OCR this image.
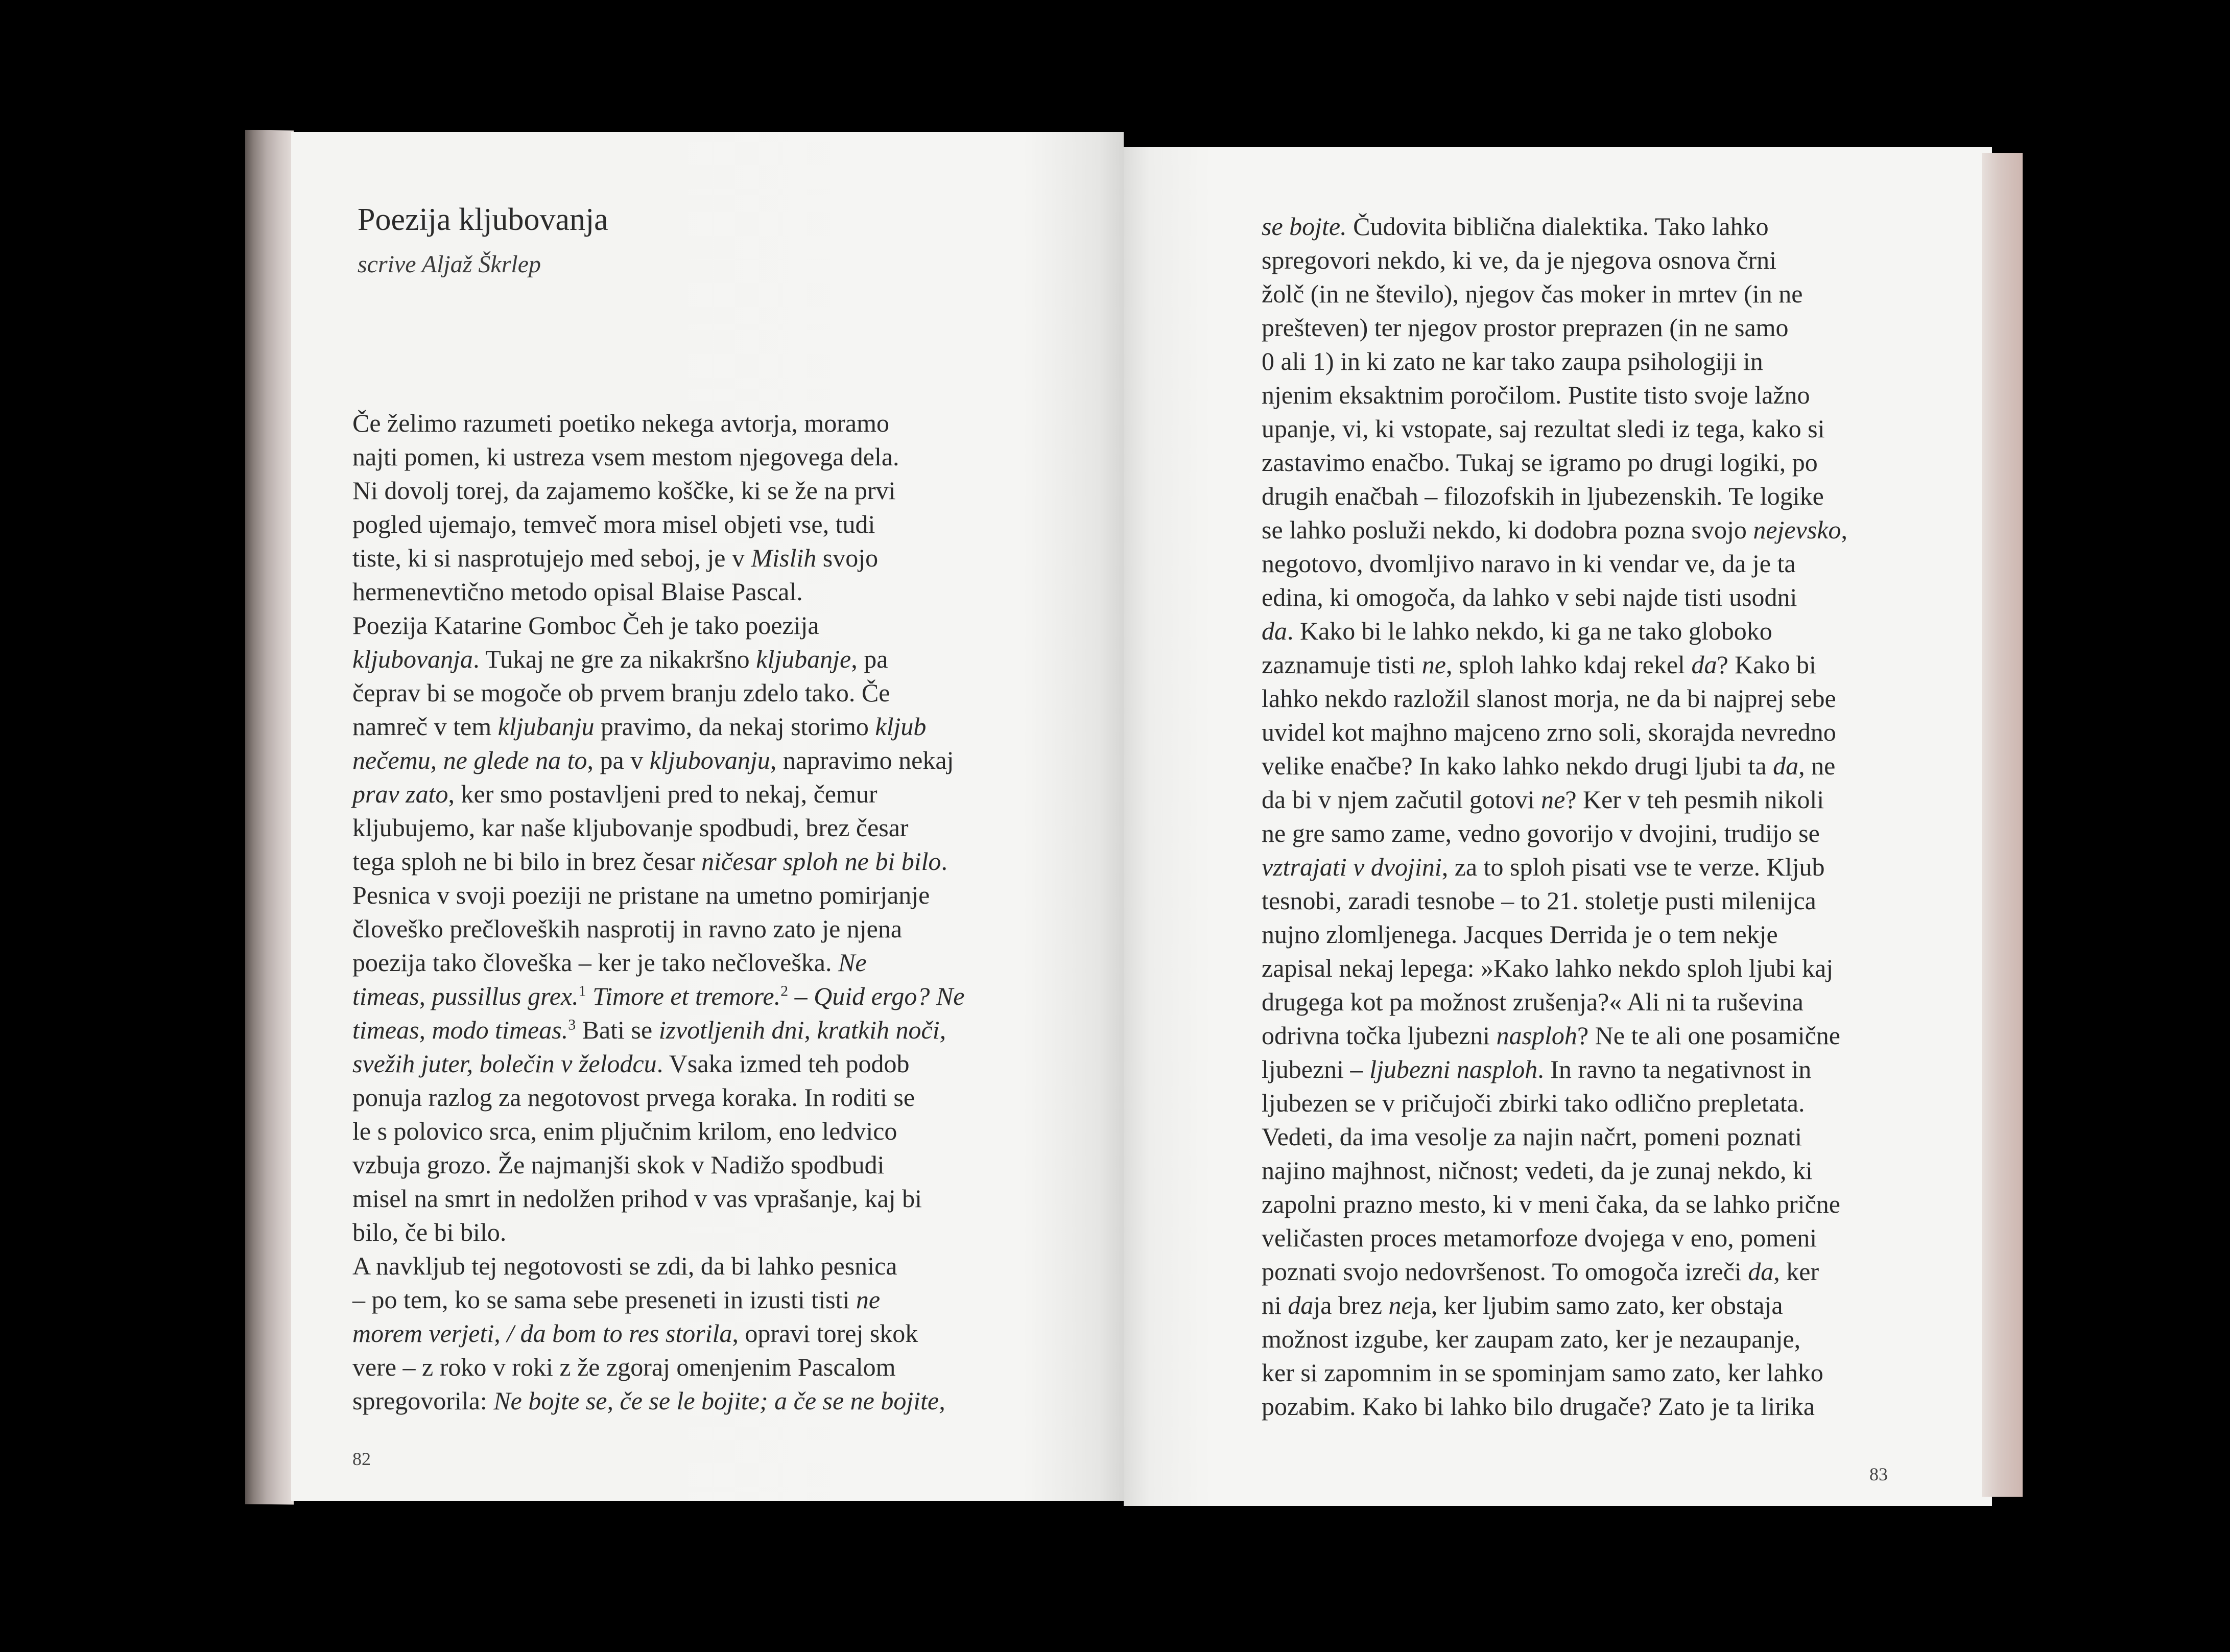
Poezija kljubovanja
scrive Aljaž Škrlep
Če želimo razumeti poetiko nekega avtorja, moramo
najti pomen, ki ustreza vsem mestom njegovega dela.
Ni dovolj torej, da zajamemo koščke, ki se že na prvi
pogled ujemajo, temveč mora misel objeti vse, tudi
tiste, ki si nasprotujejo med seboj, je v Mislih svojo
hermenevtično metodo opisal Blaise Pascal.
Poezija Katarine Gomboc Čeh je tako poezija
kljubovanja. Tukaj ne gre za nikakršno kljubanje, pa
čeprav bi se mogoče ob prvem branju zdelo tako. Če
namreč v tem kljubanju pravimo, da nekaj storimo kljub
nečemu, ne glede na to, pa v kljubovanju, napravimo nekaj
prav zato, ker smo postavljeni pred to nekaj, čemur
kljubujemo, kar naše kljubovanje spodbudi, brez česar
tega sploh ne bi bilo in brez česar ničesar sploh ne bi bilo.
Pesnica v svoji poeziji ne pristane na umetno pomirjanje
človeško prečloveških nasprotij in ravno zato je njena
poezija tako človeška – ker je tako nečloveška. Ne
timeas, pussillus grex.$^1$ Timore et tremore.$^2$ – Quid ergo? Ne
timeas, modo timeas.$^3$ Bati se izvotljenih dni, kratkih noči,
svežih juter, bolečin v želodcu. Vsaka izmed teh podob
ponuja razlog za negotovost prvega koraka. In roditi se
le s polovico srca, enim pljučnim krilom, eno ledvico
vzbuja grozo. Že najmanjši skok v Nadižo spodbudi
misel na smrt in nedolžen prihod v vas vprašanje, kaj bi
bilo, če bi bilo.
A navkljub tej negotovosti se zdi, da bi lahko pesnica
– po tem, ko se sama sebe preseneti in izusti tisti ne
morem verjeti, / da bom to res storila, opravi torej skok
vere – z roko v roki z že zgoraj omenjenim Pascalom
spregovorila: Ne bojte se, če se le bojite; a če se ne bojite,
se bojte. Čudovita biblična dialektika. Tako lahko
spregovori nekdo, ki ve, da je njegova osnova črni
žolč (in ne število), njegov čas moker in mrtev (in ne
prešteven) ter njegov prostor preprazen (in ne samo
0 ali 1) in ki zato ne kar tako zaupa psihologiji in
njenim eksaktnim poročilom. Pustite tisto svoje lažno
upanje, vi, ki vstopate, saj rezultat sledi iz tega, kako si
zastavimo enačbo. Tukaj se igramo po drugi logiki, po
drugih enačbah – filozofskih in ljubezenskih. Te logike
se lahko posluži nekdo, ki dodobra pozna svojo nejevsko,
negotovo, dvomljivo naravo in ki vendar ve, da je ta
edina, ki omogoča, da lahko v sebi najde tisti usodni
da. Kako bi le lahko nekdo, ki ga ne tako globoko
zaznamuje tisti ne, sploh lahko kdaj rekel da? Kako bi
lahko nekdo razložil slanost morja, ne da bi najprej sebe
uvidel kot majhno majceno zrno soli, skorajda nevredno
velike enačbe? In kako lahko nekdo drugi ljubi ta da, ne
da bi v njem začutil gotovi ne? Ker v teh pesmih nikoli
ne gre samo zame, vedno govorijo v dvojini, trudijo se
vztrajati v dvojini, za to sploh pisati vse te verze. Kljub
tesnobi, zaradi tesnobe – to 21. stoletje pusti milenijca
nujno zlomljenega. Jacques Derrida je o tem nekje
zapisal nekaj lepega: »Kako lahko nekdo sploh ljubi kaj
drugega kot pa možnost zrušenja?« Ali ni ta ruševina
odrivna točka ljubezni nasploh? Ne te ali one posamične
ljubezni – ljubezni nasploh. In ravno ta negativnost in
ljubezen se v pričujoči zbirki tako odlično prepletata.
Vedeti, da ima vesolje za najin načrt, pomeni poznati
najino majhnost, ničnost; vedeti, da je zunaj nekdo, ki
zapolni prazno mesto, ki v meni čaka, da se lahko prične
veličasten proces metamorfoze dvojega v eno, pomeni
poznati svojo nedovršenost. To omogoča izreči da, ker
ni daja brez neja, ker ljubim samo zato, ker obstaja
možnost izgube, ker zaupam zato, ker je nezaupanje,
ker si zapomnim in se spominjam samo zato, ker lahko
pozabim. Kako bi lahko bilo drugače? Zato je ta lirika
82
83
